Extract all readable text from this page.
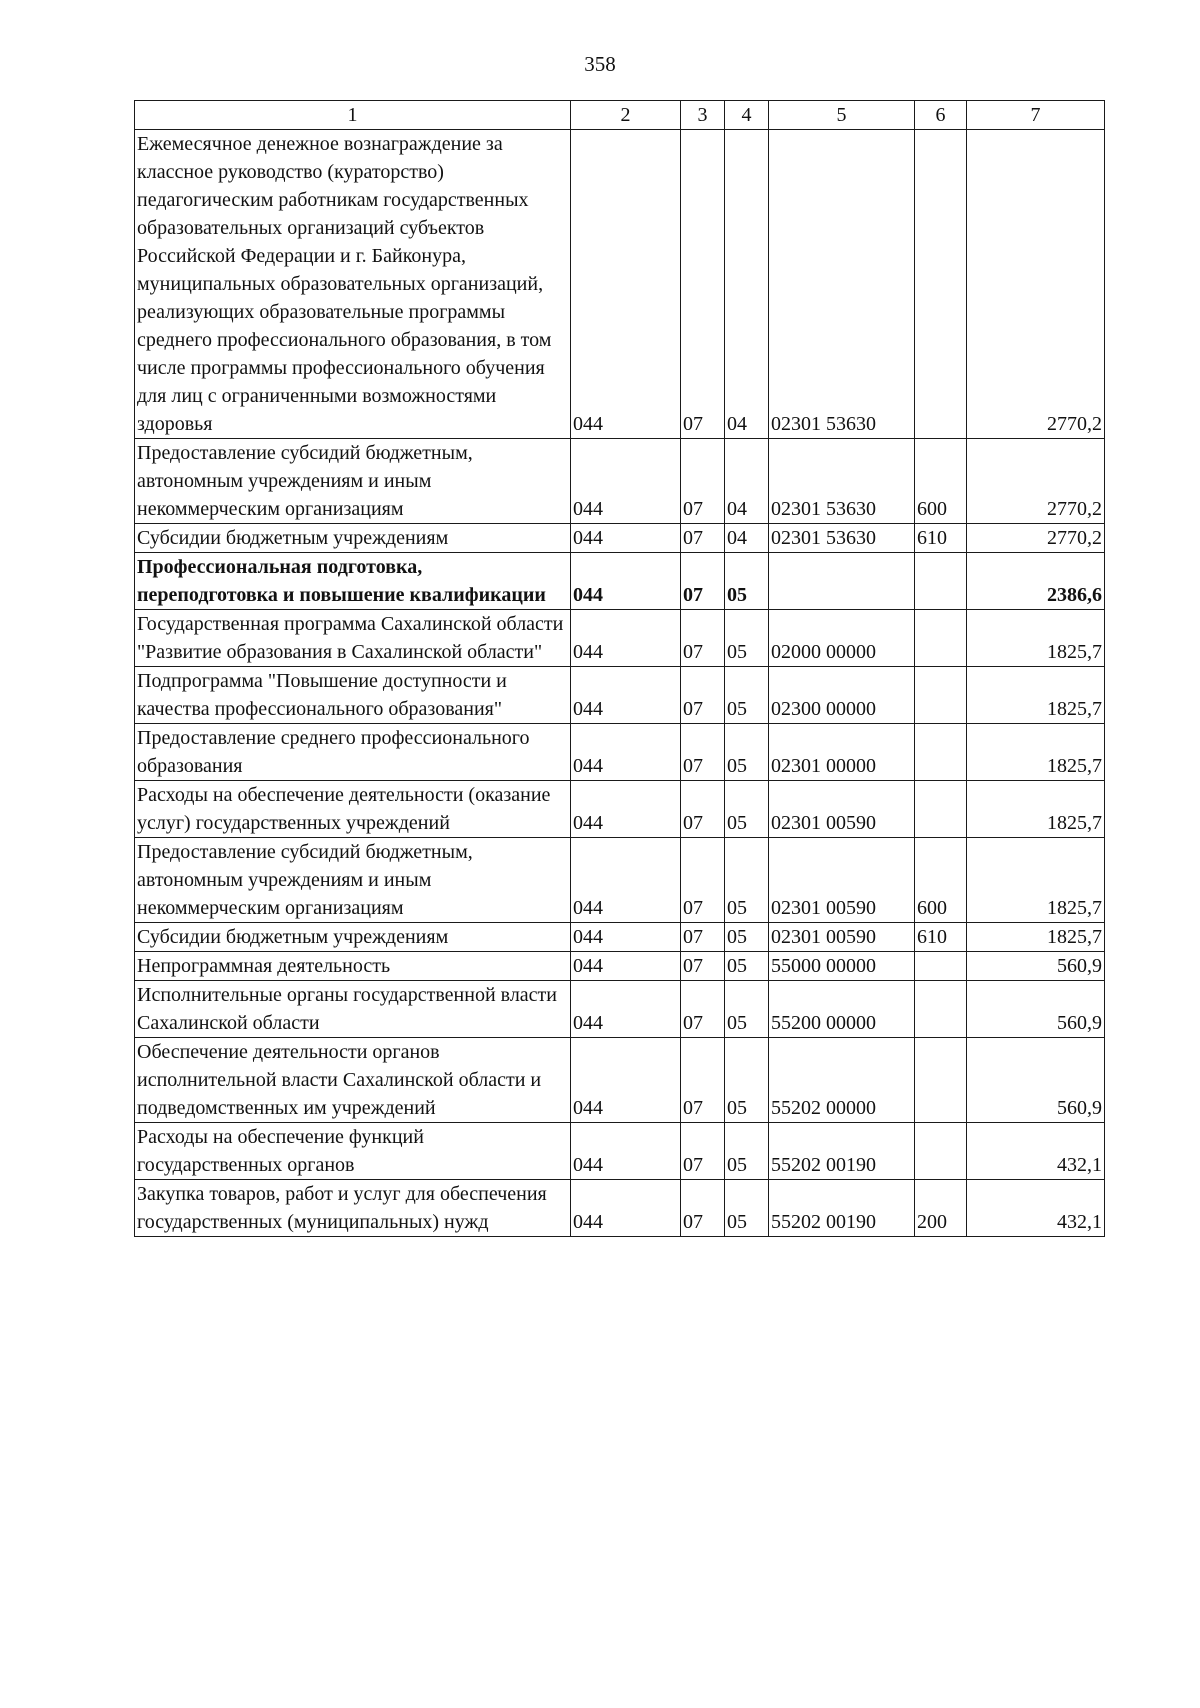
358
1	2	3	4	5	6	7
Ежемесячное денежное вознаграждение за классное руководство (кураторство) педагогическим работникам государственных образовательных организаций субъектов Российской Федерации и г. Байконура, муниципальных образовательных организаций, реализующих образовательные программы среднего профессионального образования, в том числе программы профессионального обучения для лиц с ограниченными возможностями здоровья	044	07	04	02301 53630		2770,2
Предоставление субсидий бюджетным, автономным учреждениям и иным некоммерческим организациям	044	07	04	02301 53630	600	2770,2
Субсидии бюджетным учреждениям	044	07	04	02301 53630	610	2770,2
Профессиональная подготовка, переподготовка и повышение квалификации	044	07	05			2386,6
Государственная программа Сахалинской области "Развитие образования в Сахалинской области"	044	07	05	02000 00000		1825,7
Подпрограмма "Повышение доступности и качества профессионального образования"	044	07	05	02300 00000		1825,7
Предоставление среднего профессионального образования	044	07	05	02301 00000		1825,7
Расходы на обеспечение деятельности (оказание услуг) государственных учреждений	044	07	05	02301 00590		1825,7
Предоставление субсидий бюджетным, автономным учреждениям и иным некоммерческим организациям	044	07	05	02301 00590	600	1825,7
Субсидии бюджетным учреждениям	044	07	05	02301 00590	610	1825,7
Непрограммная деятельность	044	07	05	55000 00000		560,9
Исполнительные органы государственной власти Сахалинской области	044	07	05	55200 00000		560,9
Обеспечение деятельности органов исполнительной власти Сахалинской области и подведомственных им учреждений	044	07	05	55202 00000		560,9
Расходы на обеспечение функций государственных органов	044	07	05	55202 00190		432,1
Закупка товаров, работ и услуг для обеспечения государственных (муниципальных) нужд	044	07	05	55202 00190	200	432,1
